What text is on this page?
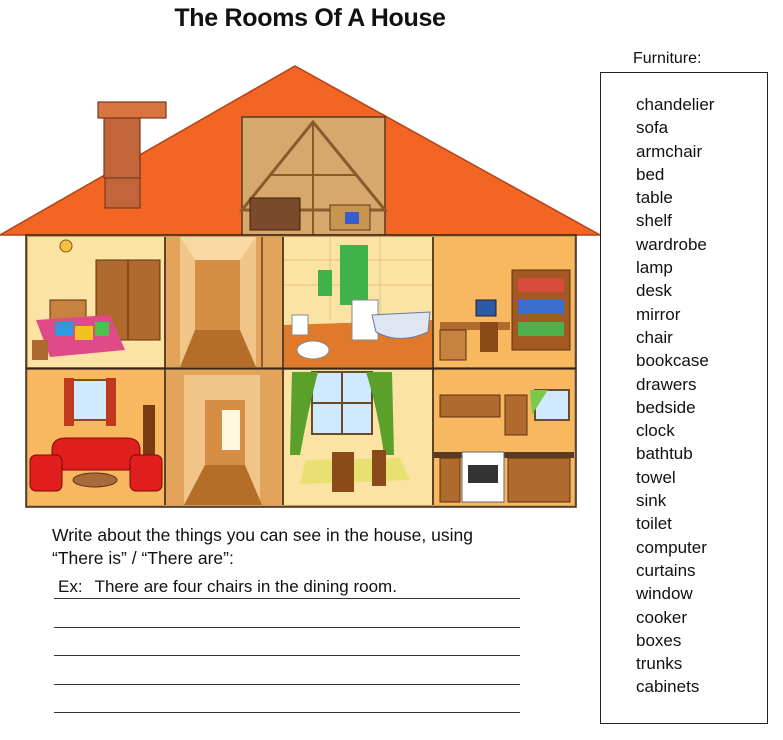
The Rooms Of A House
Furniture:
chandelier
sofa
armchair
bed
table
shelf
wardrobe
lamp
desk
mirror
chair
bookcase
drawers
bedside
clock
bathtub
towel
sink
toilet
computer
curtains
window
cooker
boxes
trunks
cabinets
Write about the things you can see in the house, using
“There is” / “There are”:
Ex: There are four chairs in the dining room.
